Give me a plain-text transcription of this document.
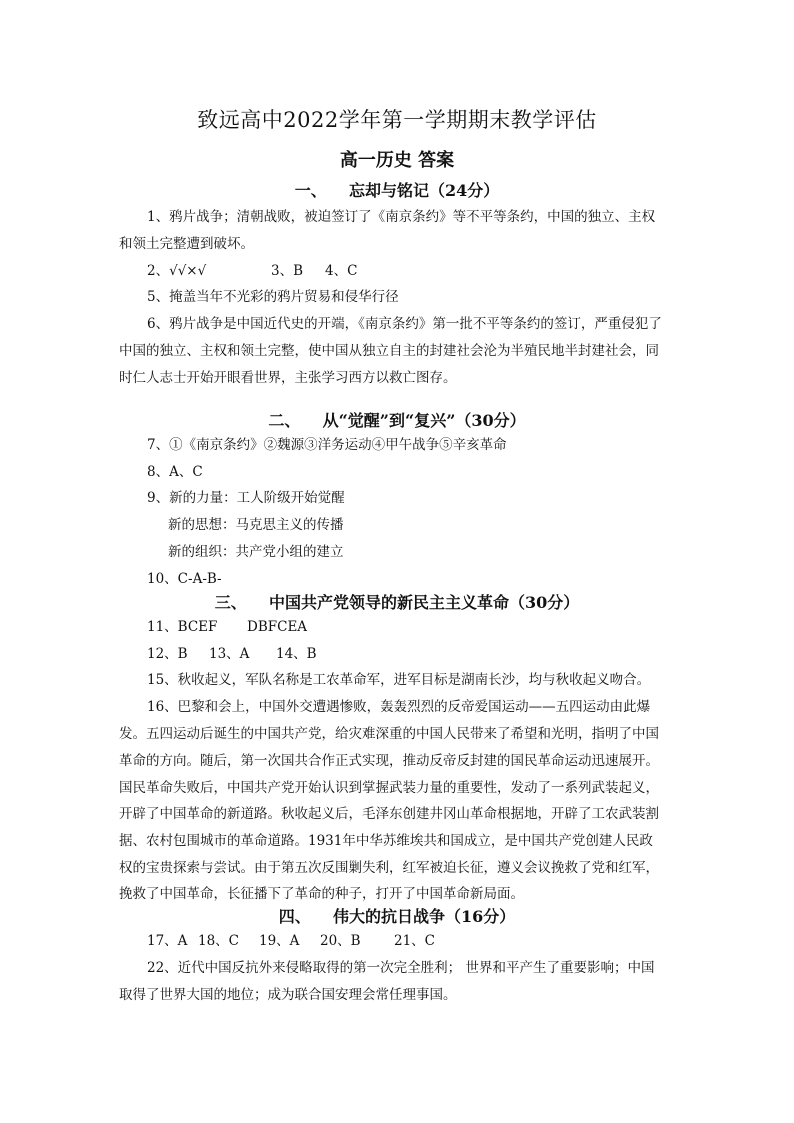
致远高中2022学年第一学期期末教学评估
高一历史 答案
一、    忘却与铭记（24分）
1、鸦片战争；清朝战败，被迫签订了《南京条约》等不平等条约，中国的独立、主权
和领土完整遭到破坏。
2、√√×√	3、B 4、C
5、掩盖当年不光彩的鸦片贸易和侵华行径
6、鸦片战争是中国近代史的开端，《南京条约》第一批不平等条约的签订，严重侵犯了
中国的独立、主权和领土完整，使中国从独立自主的封建社会沦为半殖民地半封建社会，同
时仁人志士开始开眼看世界，主张学习西方以救亡图存。
二、    从“觉醒”到“复兴”（30分）
7、①《南京条约》②魏源③洋务运动④甲午战争⑤辛亥革命
8、A、C
9、新的力量：工人阶级开始觉醒
新的思想：马克思主义的传播
新的组织：共产党小组的建立
10、C-A-B-
三、    中国共产党领导的新民主主义革命（30分）
11、BCEF DBFCEA
12、B 13、A 14、B
15、秋收起义，军队名称是工农革命军，进军目标是湖南长沙，均与秋收起义吻合。
16、巴黎和会上，中国外交遭遇惨败，轰轰烈烈的反帝爱国运动——五四运动由此爆
发。五四运动后诞生的中国共产党，给灾难深重的中国人民带来了希望和光明，指明了中国
革命的方向。随后，第一次国共合作正式实现，推动反帝反封建的国民革命运动迅速展开。
国民革命失败后，中国共产党开始认识到掌握武装力量的重要性，发动了一系列武装起义，
开辟了中国革命的新道路。秋收起义后，毛泽东创建井冈山革命根据地，开辟了工农武装割
据、农村包围城市的革命道路。1931年中华苏维埃共和国成立，是中国共产党创建人民政
权的宝贵探索与尝试。由于第五次反围剿失利，红军被迫长征，遵义会议挽救了党和红军，
挽救了中国革命，长征播下了革命的种子，打开了中国革命新局面。
四、    伟大的抗日战争（16分）
17、A 18、C 19、A 20、B 21、C
22、近代中国反抗外来侵略取得的第一次完全胜利； 世界和平产生了重要影响；中国
取得了世界大国的地位；成为联合国安理会常任理事国。
